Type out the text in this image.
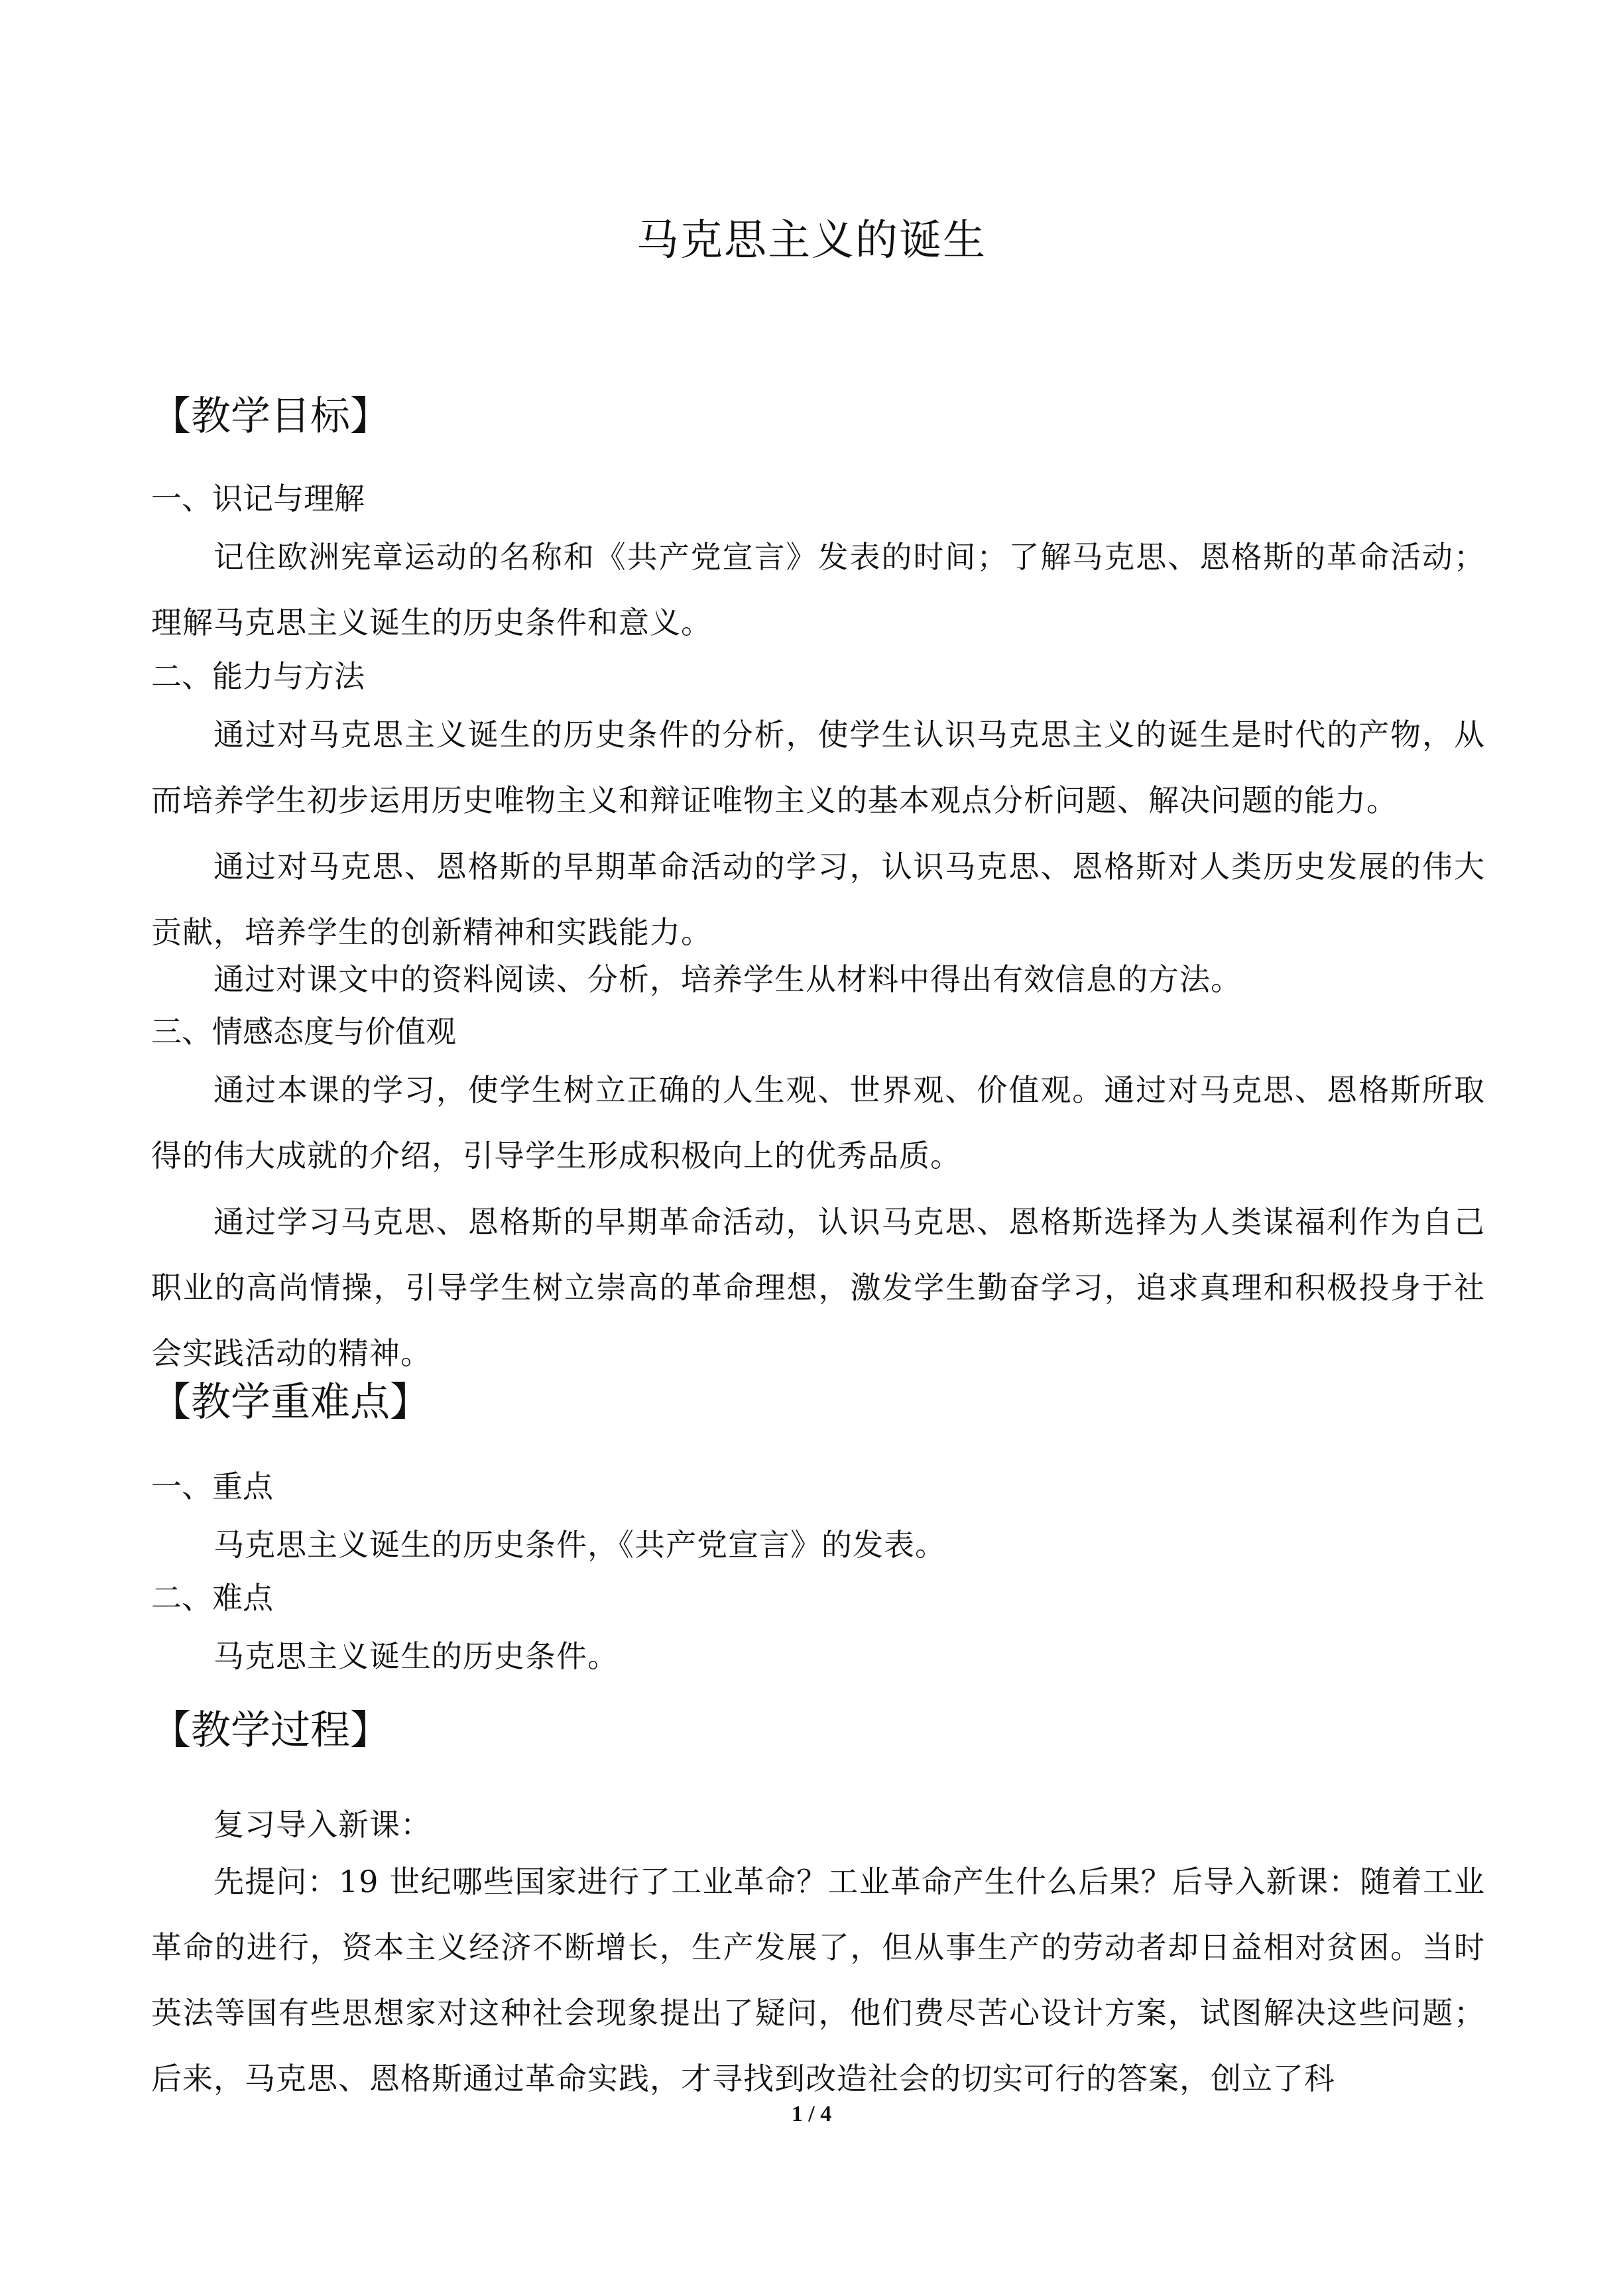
马克思主义的诞生
【教学目标】
一、识记与理解
记住欧洲宪章运动的名称和《共产党宣言》发表的时间；了解马克思、恩格斯的革命活动；理解马克思主义诞生的历史条件和意义。
二、能力与方法
通过对马克思主义诞生的历史条件的分析，使学生认识马克思主义的诞生是时代的产物，从而培养学生初步运用历史唯物主义和辩证唯物主义的基本观点分析问题、解决问题的能力。
通过对马克思、恩格斯的早期革命活动的学习，认识马克思、恩格斯对人类历史发展的伟大贡献，培养学生的创新精神和实践能力。
通过对课文中的资料阅读、分析，培养学生从材料中得出有效信息的方法。
三、情感态度与价值观
通过本课的学习，使学生树立正确的人生观、世界观、价值观。通过对马克思、恩格斯所取得的伟大成就的介绍，引导学生形成积极向上的优秀品质。
通过学习马克思、恩格斯的早期革命活动，认识马克思、恩格斯选择为人类谋福利作为自己职业的高尚情操，引导学生树立崇高的革命理想，激发学生勤奋学习，追求真理和积极投身于社会实践活动的精神。
【教学重难点】
一、重点
马克思主义诞生的历史条件，《共产党宣言》的发表。
二、难点
马克思主义诞生的历史条件。
【教学过程】
复习导入新课：
先提问：19 世纪哪些国家进行了工业革命？工业革命产生什么后果？后导入新课：随着工业革命的进行，资本主义经济不断增长，生产发展了，但从事生产的劳动者却日益相对贫困。当时英法等国有些思想家对这种社会现象提出了疑问，他们费尽苦心设计方案，试图解决这些问题；后来，马克思、恩格斯通过革命实践，才寻找到改造社会的切实可行的答案，创立了科
1 / 4
